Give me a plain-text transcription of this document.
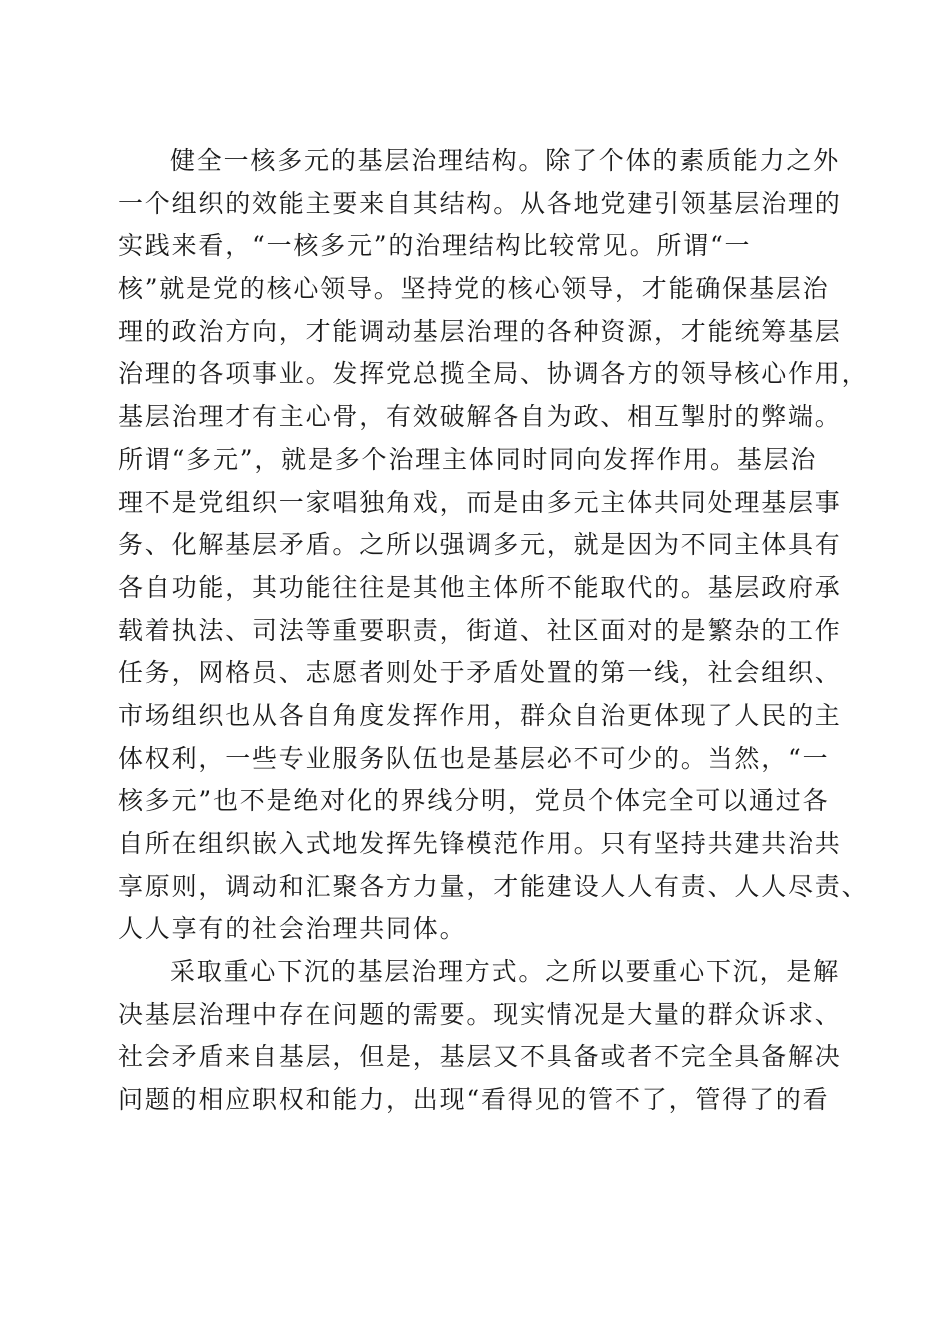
健全一核多元的基层治理结构。除了个体的素质能力之外
一个组织的效能主要来自其结构。从各地党建引领基层治理的
实践来看，“一核多元”的治理结构比较常见。所谓“一
核”就是党的核心领导。坚持党的核心领导，才能确保基层治
理的政治方向，才能调动基层治理的各种资源，才能统筹基层
治理的各项事业。发挥党总揽全局、协调各方的领导核心作用，
基层治理才有主心骨，有效破解各自为政、相互掣肘的弊端。
所谓“多元”，就是多个治理主体同时同向发挥作用。基层治
理不是党组织一家唱独角戏，而是由多元主体共同处理基层事
务、化解基层矛盾。之所以强调多元，就是因为不同主体具有
各自功能，其功能往往是其他主体所不能取代的。基层政府承
载着执法、司法等重要职责，街道、社区面对的是繁杂的工作
任务，网格员、志愿者则处于矛盾处置的第一线，社会组织、
市场组织也从各自角度发挥作用，群众自治更体现了人民的主
体权利，一些专业服务队伍也是基层必不可少的。当然，“一
核多元”也不是绝对化的界线分明，党员个体完全可以通过各
自所在组织嵌入式地发挥先锋模范作用。只有坚持共建共治共
享原则，调动和汇聚各方力量，才能建设人人有责、人人尽责、
人人享有的社会治理共同体。
采取重心下沉的基层治理方式。之所以要重心下沉，是解
决基层治理中存在问题的需要。现实情况是大量的群众诉求、
社会矛盾来自基层，但是，基层又不具备或者不完全具备解决
问题的相应职权和能力，出现“看得见的管不了，管得了的看
